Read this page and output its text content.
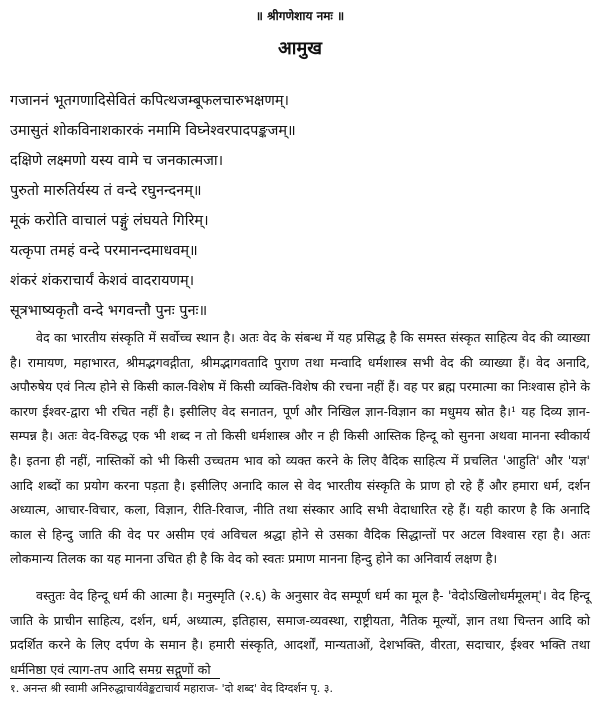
॥ श्रीगणेशाय नमः ॥
आमुख
गजाननं भूतगणादिसेवितं कपित्थजम्बूफलचारुभक्षणम्।
उमासुतं शोकविनाशकारकं नमामि विघ्नेश्वरपादपङ्कजम्॥
दक्षिणे लक्ष्मणो यस्य वामे च जनकात्मजा।
पुरुतो मारुतिर्यस्य तं वन्दे रघुनन्दनम्॥
मूकं करोति वाचालं पङ्गुं लंघयते गिरिम्।
यत्कृपा तमहं वन्दे परमानन्दमाधवम्॥
शंकरं शंकराचार्यं केशवं वादरायणम्।
सूत्रभाष्यकृतौ वन्दे भगवन्तौ पुनः पुनः॥
वेद का भारतीय संस्कृति में सर्वोच्च स्थान है। अतः वेद के संबन्ध में यह प्रसिद्ध है कि समस्त संस्कृत साहित्य वेद की व्याख्या है। रामायण, महाभारत, श्रीमद्भगवद्गीता, श्रीमद्भागवतादि पुराण तथा मन्वादि धर्मशास्त्र सभी वेद की व्याख्या हैं। वेद अनादि, अपौरुषेय एवं नित्य होने से किसी काल-विशेष में किसी व्यक्ति-विशेष की रचना नहीं हैं। वह पर ब्रह्म परमात्मा का निःश्वास होने के कारण ईश्वर-द्वारा भी रचित नहीं है। इसीलिए वेद सनातन, पूर्ण और निखिल ज्ञान-विज्ञान का मधुमय स्रोत है।¹ यह दिव्य ज्ञान-सम्पन्न है। अतः वेद-विरुद्ध एक भी शब्द न तो किसी धर्मशास्त्र और न ही किसी आस्तिक हिन्दू को सुनना अथवा मानना स्वीकार्य है। इतना ही नहीं, नास्तिकों को भी किसी उच्चतम भाव को व्यक्त करने के लिए वैदिक साहित्य में प्रचलित 'आहुति' और 'यज्ञ' आदि शब्दों का प्रयोग करना पड़ता है। इसीलिए अनादि काल से वेद भारतीय संस्कृति के प्राण हो रहे हैं और हमारा धर्म, दर्शन अध्यात्म, आचार-विचार, कला, विज्ञान, रीति-रिवाज, नीति तथा संस्कार आदि सभी वेदाधारित रहे हैं। यही कारण है कि अनादि काल से हिन्दु जाति की वेद पर असीम एवं अविचल श्रद्धा होने से उसका वैदिक सिद्धान्तों पर अटल विश्वास रहा है। अतः लोकमान्य तिलक का यह मानना उचित ही है कि वेद को स्वतः प्रमाण मानना हिन्दु होने का अनिवार्य लक्षण है।
वस्तुतः वेद हिन्दू धर्म की आत्मा है। मनुस्मृति (२.६) के अनुसार वेद सम्पूर्ण धर्म का मूल है- 'वेदोऽखिलोधर्ममूलम्'। वेद हिन्दू जाति के प्राचीन साहित्य, दर्शन, धर्म, अध्यात्म, इतिहास, समाज-व्यवस्था, राष्ट्रीयता, नैतिक मूल्यों, ज्ञान तथा चिन्तन आदि को प्रदर्शित करने के लिए दर्पण के समान है। हमारी संस्कृति, आदर्शों, मान्यताओं, देशभक्ति, वीरता, सदाचार, ईश्वर भक्ति तथा धर्मनिष्ठा एवं त्याग-तप आदि समग्र सद्गुणों को
१. अनन्त श्री स्वामी अनिरुद्धाचार्यवेङ्कटाचार्य महाराज- 'दो शब्द' वेद दिग्दर्शन पृ. ३.
